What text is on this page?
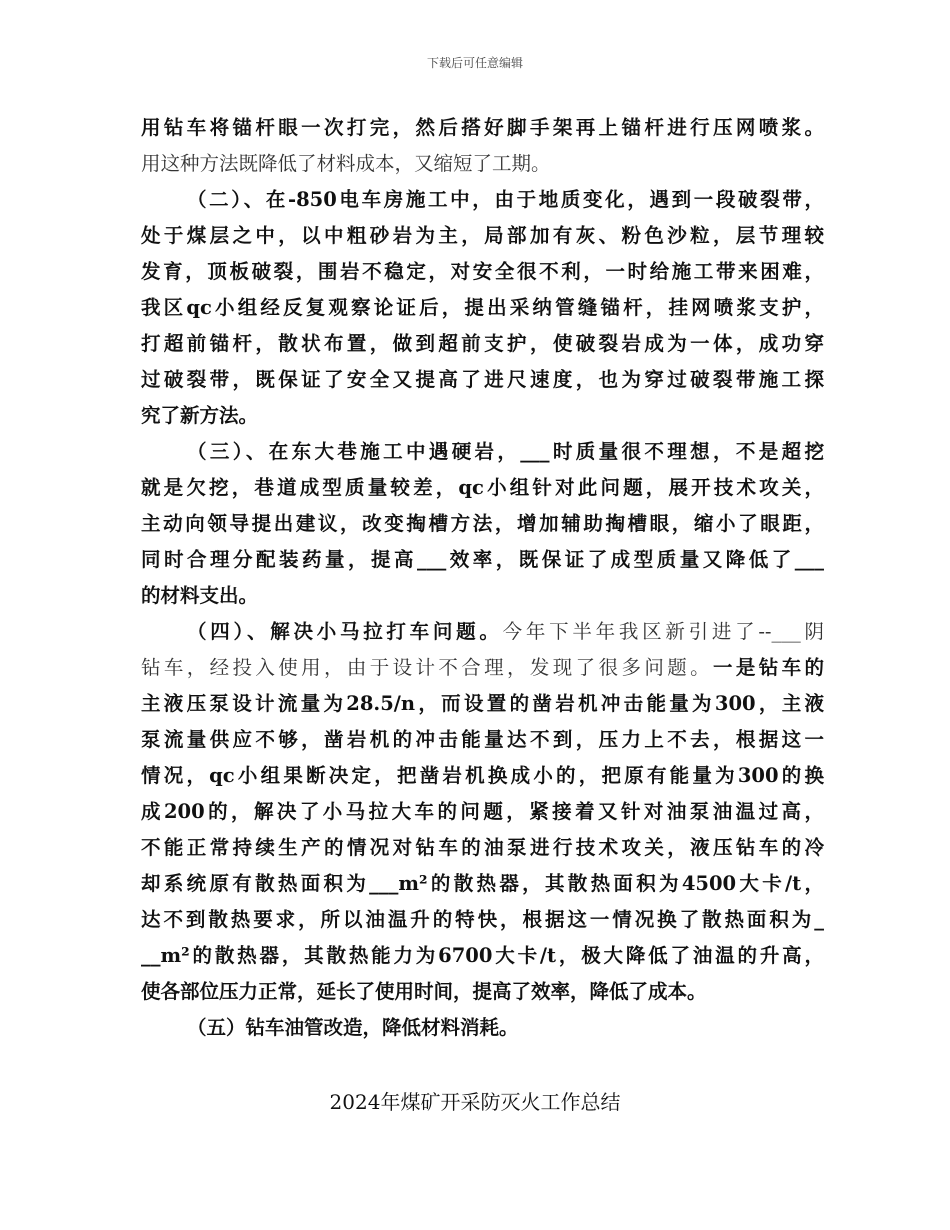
下载后可任意编辑
用钻车将锚杆眼一次打完，然后搭好脚手架再上锚杆进行压网喷浆。
用这种方法既降低了材料成本，又缩短了工期。
（二）、在-850电车房施工中，由于地质变化，遇到一段破裂带，
处于煤层之中，以中粗砂岩为主，局部加有灰、粉色沙粒，层节理较
发育，顶板破裂，围岩不稳定，对安全很不利，一时给施工带来困难，
我区qc小组经反复观察论证后，提出采纳管缝锚杆，挂网喷浆支护，
打超前锚杆，散状布置，做到超前支护，使破裂岩成为一体，成功穿
过破裂带，既保证了安全又提高了进尺速度，也为穿过破裂带施工探
究了新方法。
（三）、在东大巷施工中遇硬岩，___时质量很不理想，不是超挖
就是欠挖，巷道成型质量较差，qc小组针对此问题，展开技术攻关，
主动向领导提出建议，改变掏槽方法，增加辅助掏槽眼，缩小了眼距，
同时合理分配装药量，提高___效率，既保证了成型质量又降低了___
的材料支出。
（四）、解决小马拉打车问题。今年下半年我区新引进了--___阴
钻车，经投入使用，由于设计不合理，发现了很多问题。一是钻车的
主液压泵设计流量为28.5/n，而设置的凿岩机冲击能量为300，主液
泵流量供应不够，凿岩机的冲击能量达不到，压力上不去，根据这一
情况，qc小组果断决定，把凿岩机换成小的，把原有能量为300的换
成200的，解决了小马拉大车的问题，紧接着又针对油泵油温过高，
不能正常持续生产的情况对钻车的油泵进行技术攻关，液压钻车的冷
却系统原有散热面积为___m²的散热器，其散热面积为4500大卡/t，
达不到散热要求，所以油温升的特快，根据这一情况换了散热面积为_
__m²的散热器，其散热能力为6700大卡/t，极大降低了油温的升高，
使各部位压力正常，延长了使用时间，提高了效率，降低了成本。
（五）钻车油管改造，降低材料消耗。
2024年煤矿开采防灭火工作总结
